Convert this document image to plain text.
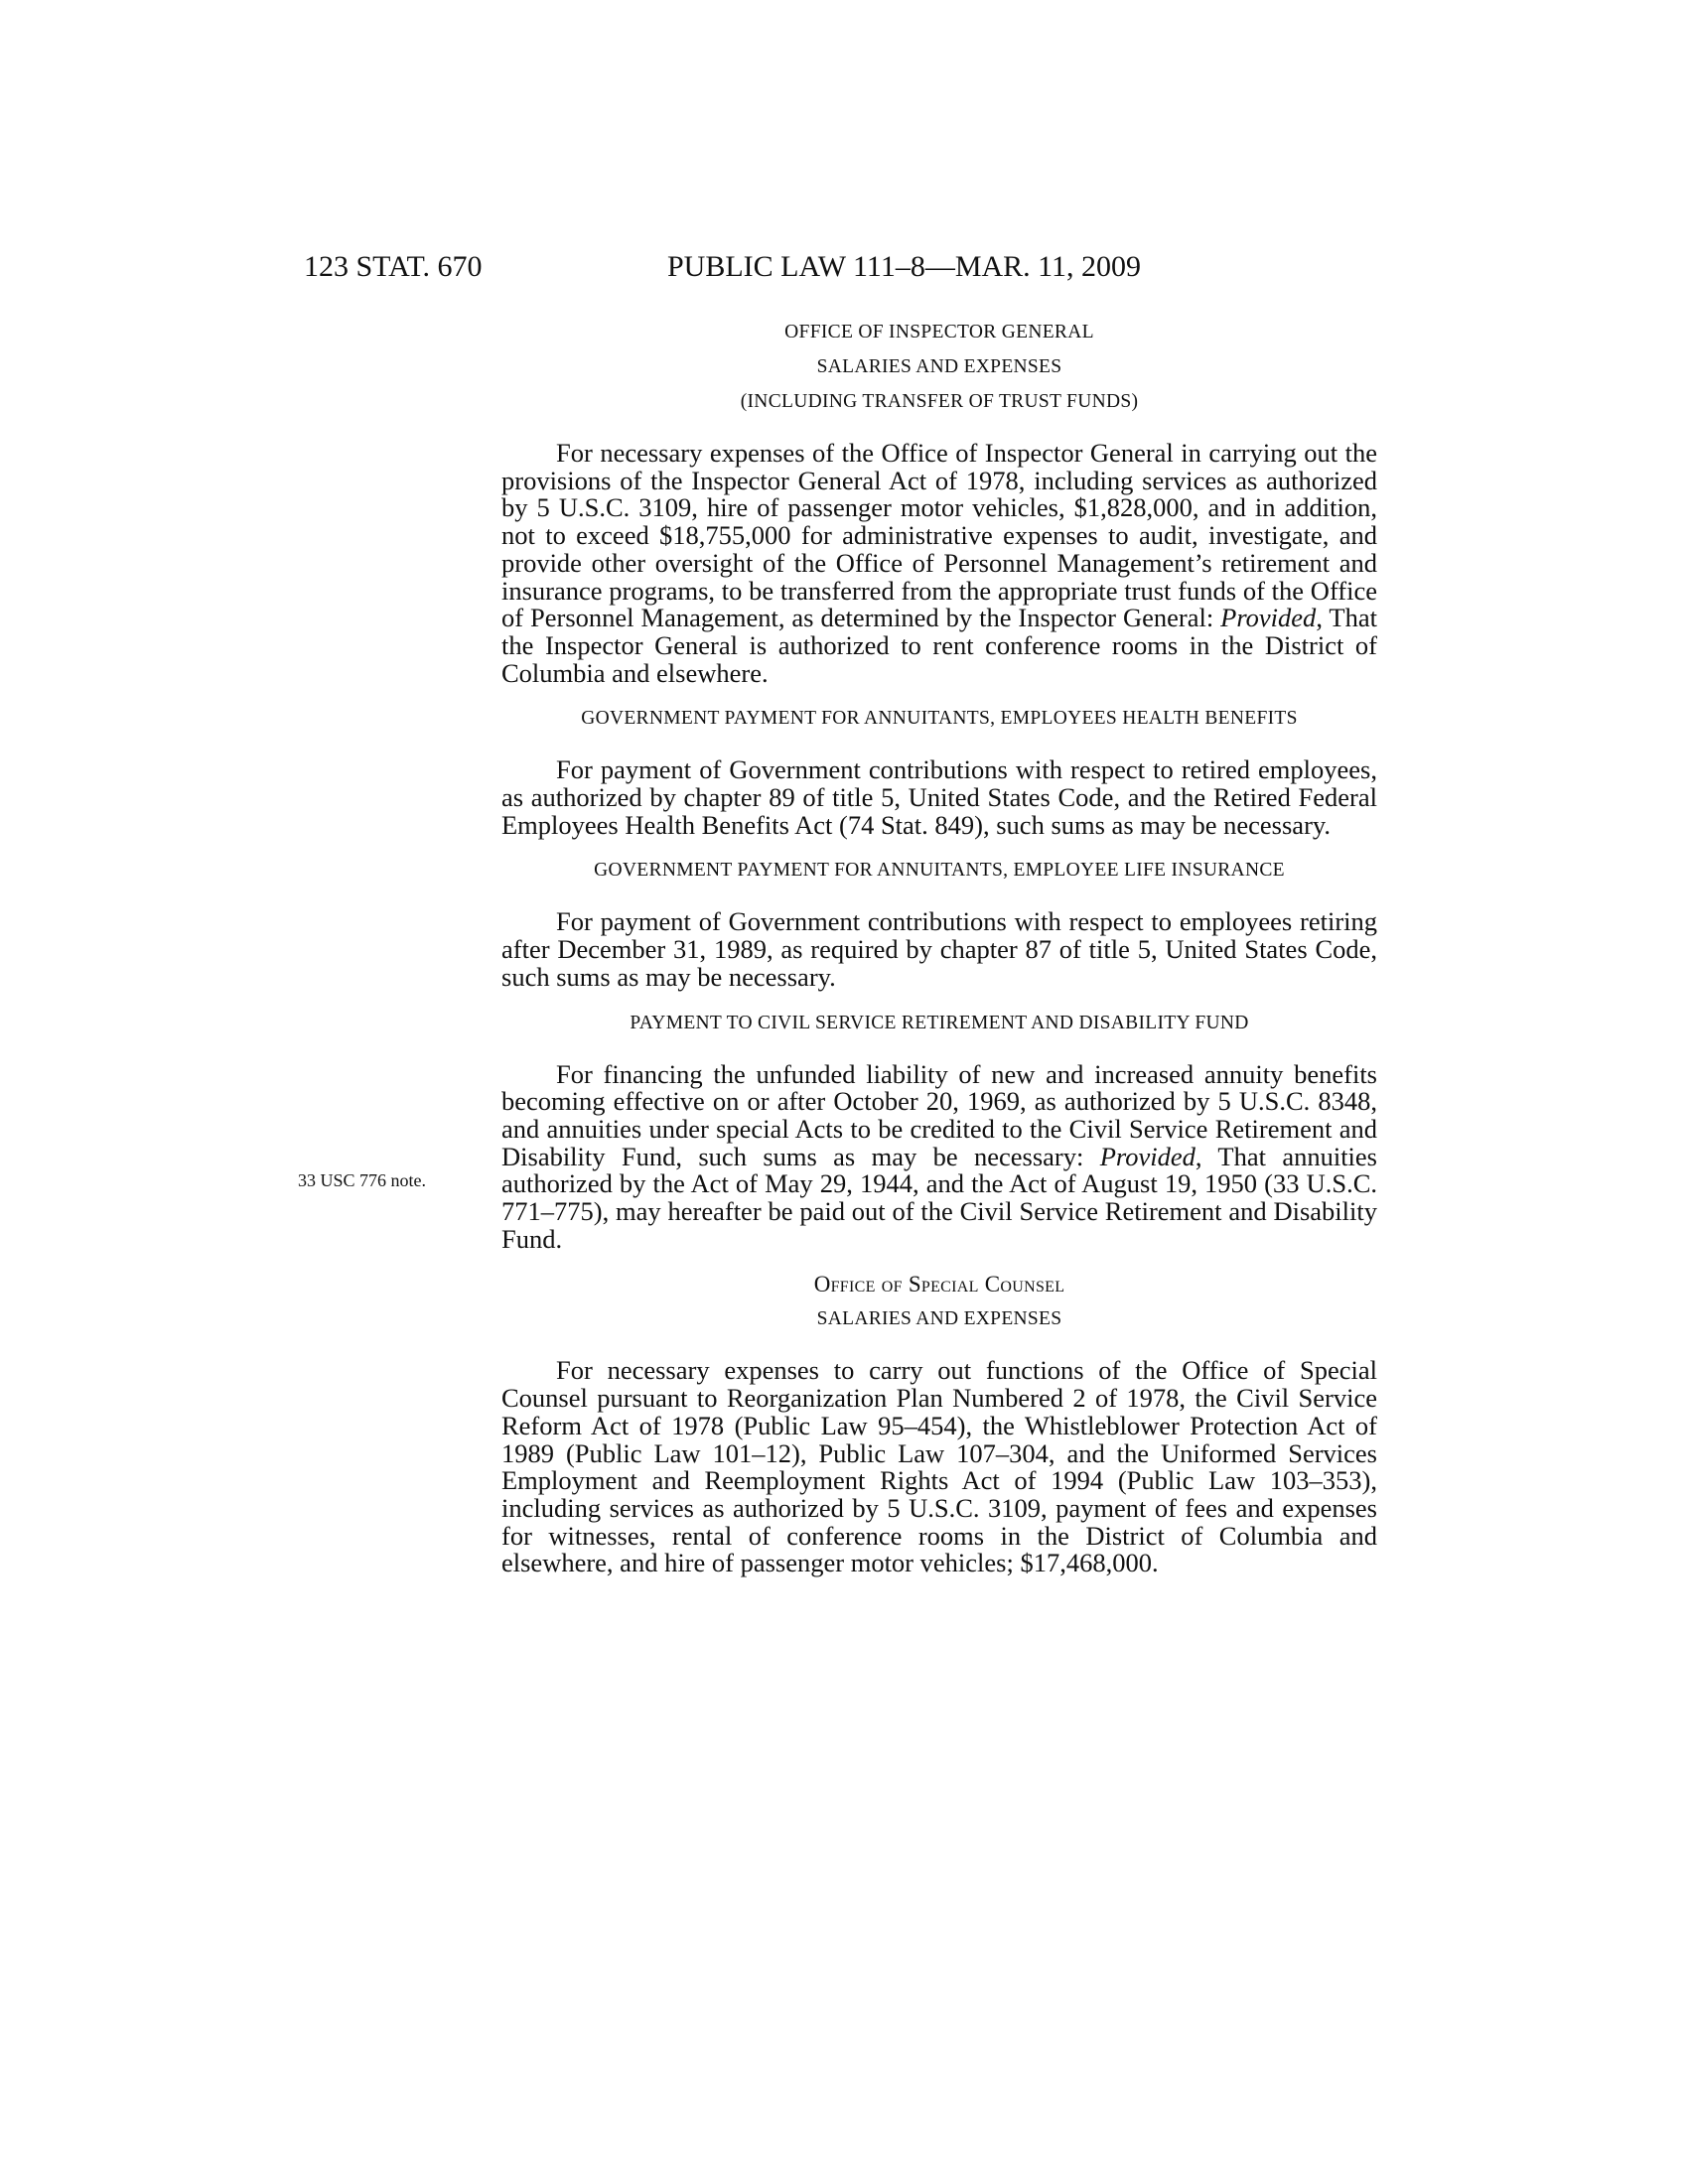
123 STAT. 670	PUBLIC LAW 111–8—MAR. 11, 2009
OFFICE OF INSPECTOR GENERAL
SALARIES AND EXPENSES
(INCLUDING TRANSFER OF TRUST FUNDS)

For necessary expenses of the Office of Inspector General in carrying out the provisions of the Inspector General Act of 1978, including services as authorized by 5 U.S.C. 3109, hire of passenger motor vehicles, $1,828,000, and in addition, not to exceed $18,755,000 for administrative expenses to audit, investigate, and provide other oversight of the Office of Personnel Management’s retirement and insurance programs, to be transferred from the appropriate trust funds of the Office of Personnel Management, as determined by the Inspector General: Provided, That the Inspector General is authorized to rent conference rooms in the District of Columbia and elsewhere.

GOVERNMENT PAYMENT FOR ANNUITANTS, EMPLOYEES HEALTH BENEFITS

For payment of Government contributions with respect to retired employees, as authorized by chapter 89 of title 5, United States Code, and the Retired Federal Employees Health Benefits Act (74 Stat. 849), such sums as may be necessary.

GOVERNMENT PAYMENT FOR ANNUITANTS, EMPLOYEE LIFE INSURANCE

For payment of Government contributions with respect to employees retiring after December 31, 1989, as required by chapter 87 of title 5, United States Code, such sums as may be necessary.

PAYMENT TO CIVIL SERVICE RETIREMENT AND DISABILITY FUND
33 USC 776 note.

For financing the unfunded liability of new and increased annuity benefits becoming effective on or after October 20, 1969, as authorized by 5 U.S.C. 8348, and annuities under special Acts to be credited to the Civil Service Retirement and Disability Fund, such sums as may be necessary: Provided, That annuities authorized by the Act of May 29, 1944, and the Act of August 19, 1950 (33 U.S.C. 771–775), may hereafter be paid out of the Civil Service Retirement and Disability Fund.

Office of Special Counsel
SALARIES AND EXPENSES

For necessary expenses to carry out functions of the Office of Special Counsel pursuant to Reorganization Plan Numbered 2 of 1978, the Civil Service Reform Act of 1978 (Public Law 95–454), the Whistleblower Protection Act of 1989 (Public Law 101–12), Public Law 107–304, and the Uniformed Services Employment and Reemployment Rights Act of 1994 (Public Law 103–353), including services as authorized by 5 U.S.C. 3109, payment of fees and expenses for witnesses, rental of conference rooms in the District of Columbia and elsewhere, and hire of passenger motor vehicles; $17,468,000.
